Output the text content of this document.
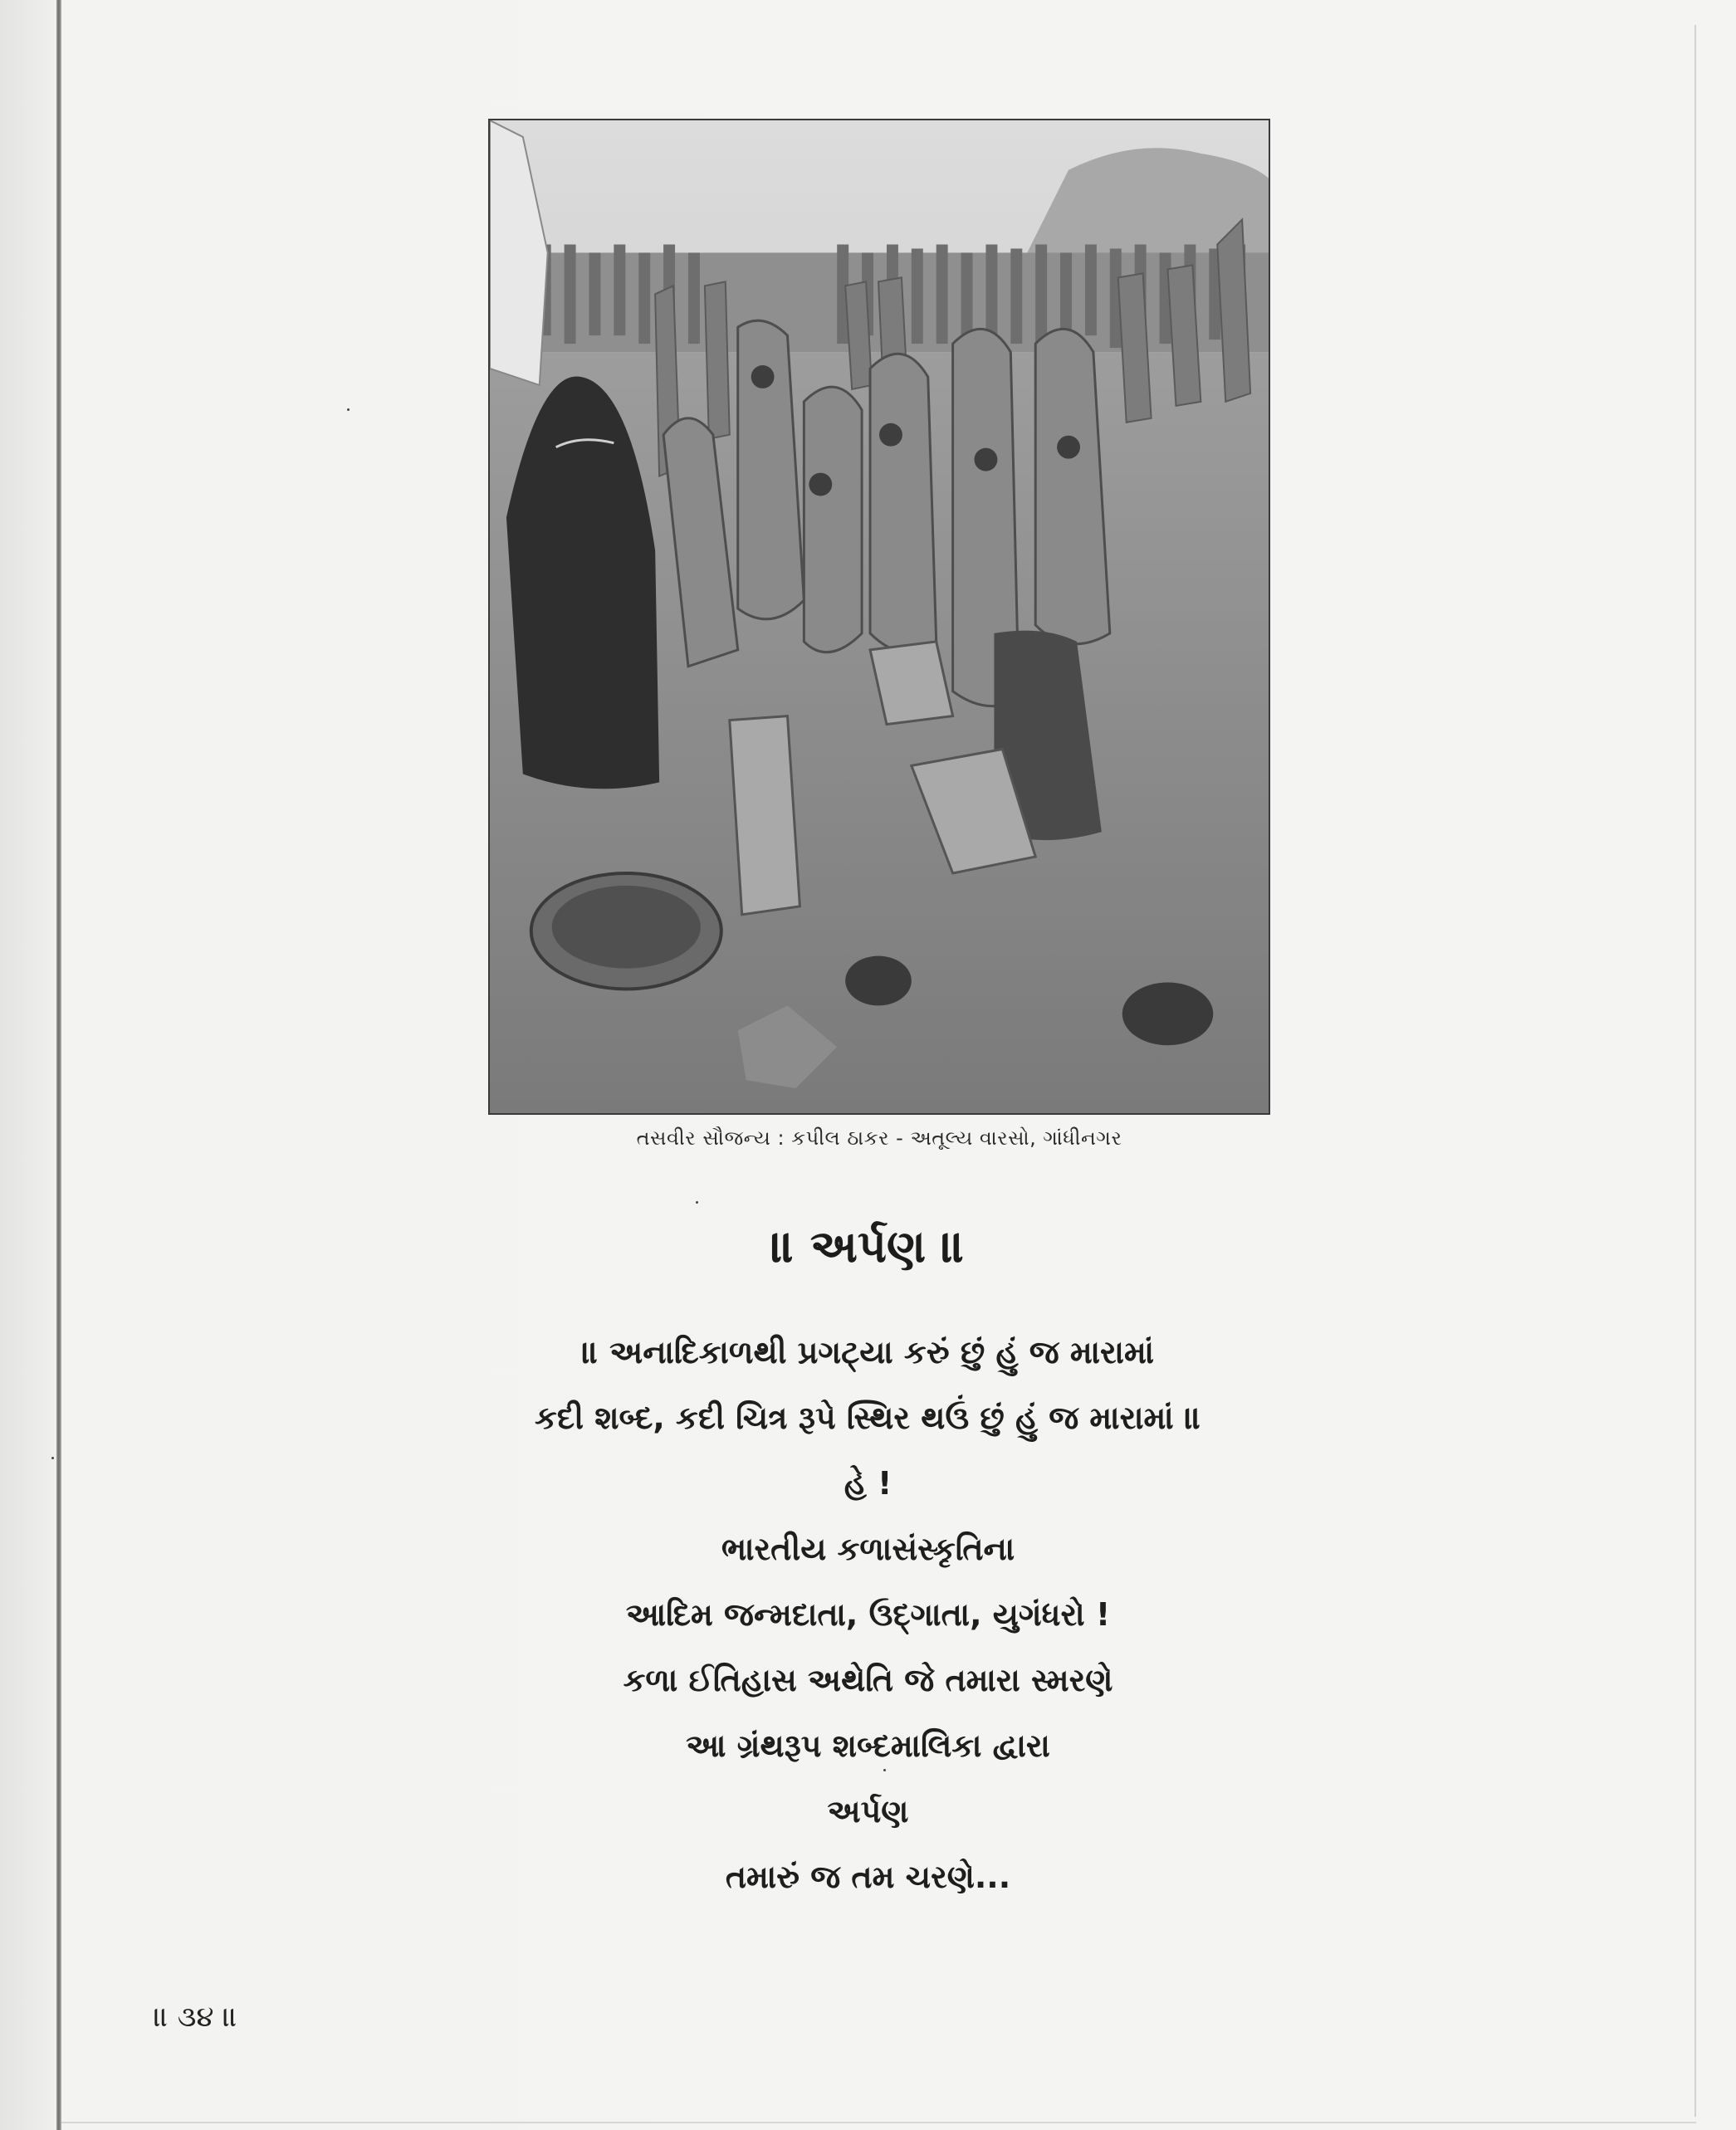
તસવીર સૌજન્ય : કપીલ ઠાકર - અતૂલ્ય વારસો, ગાંધીનગર
॥ અર્પણ ॥
॥ અનાદિકાળથી પ્રગટ્યા કરું છું હું જ મારામાં
કદી શબ્દ, કદી ચિત્ર રૂપે સ્થિર થઉં છું હું જ મારામાં ॥
હે !
ભારતીય કળાસંસ્કૃતિના
આદિમ જન્મદાતા, ઉદ્ગાતા, યુગંધરો !
કળા ઈતિહાસ અથેતિ જે તમારા સ્મરણે
આ ગ્રંથરૂપ શબ્દમાલિકા દ્વારા
અર્પણ
તમારું જ તમ ચરણે...
॥ ૩૪ ॥
